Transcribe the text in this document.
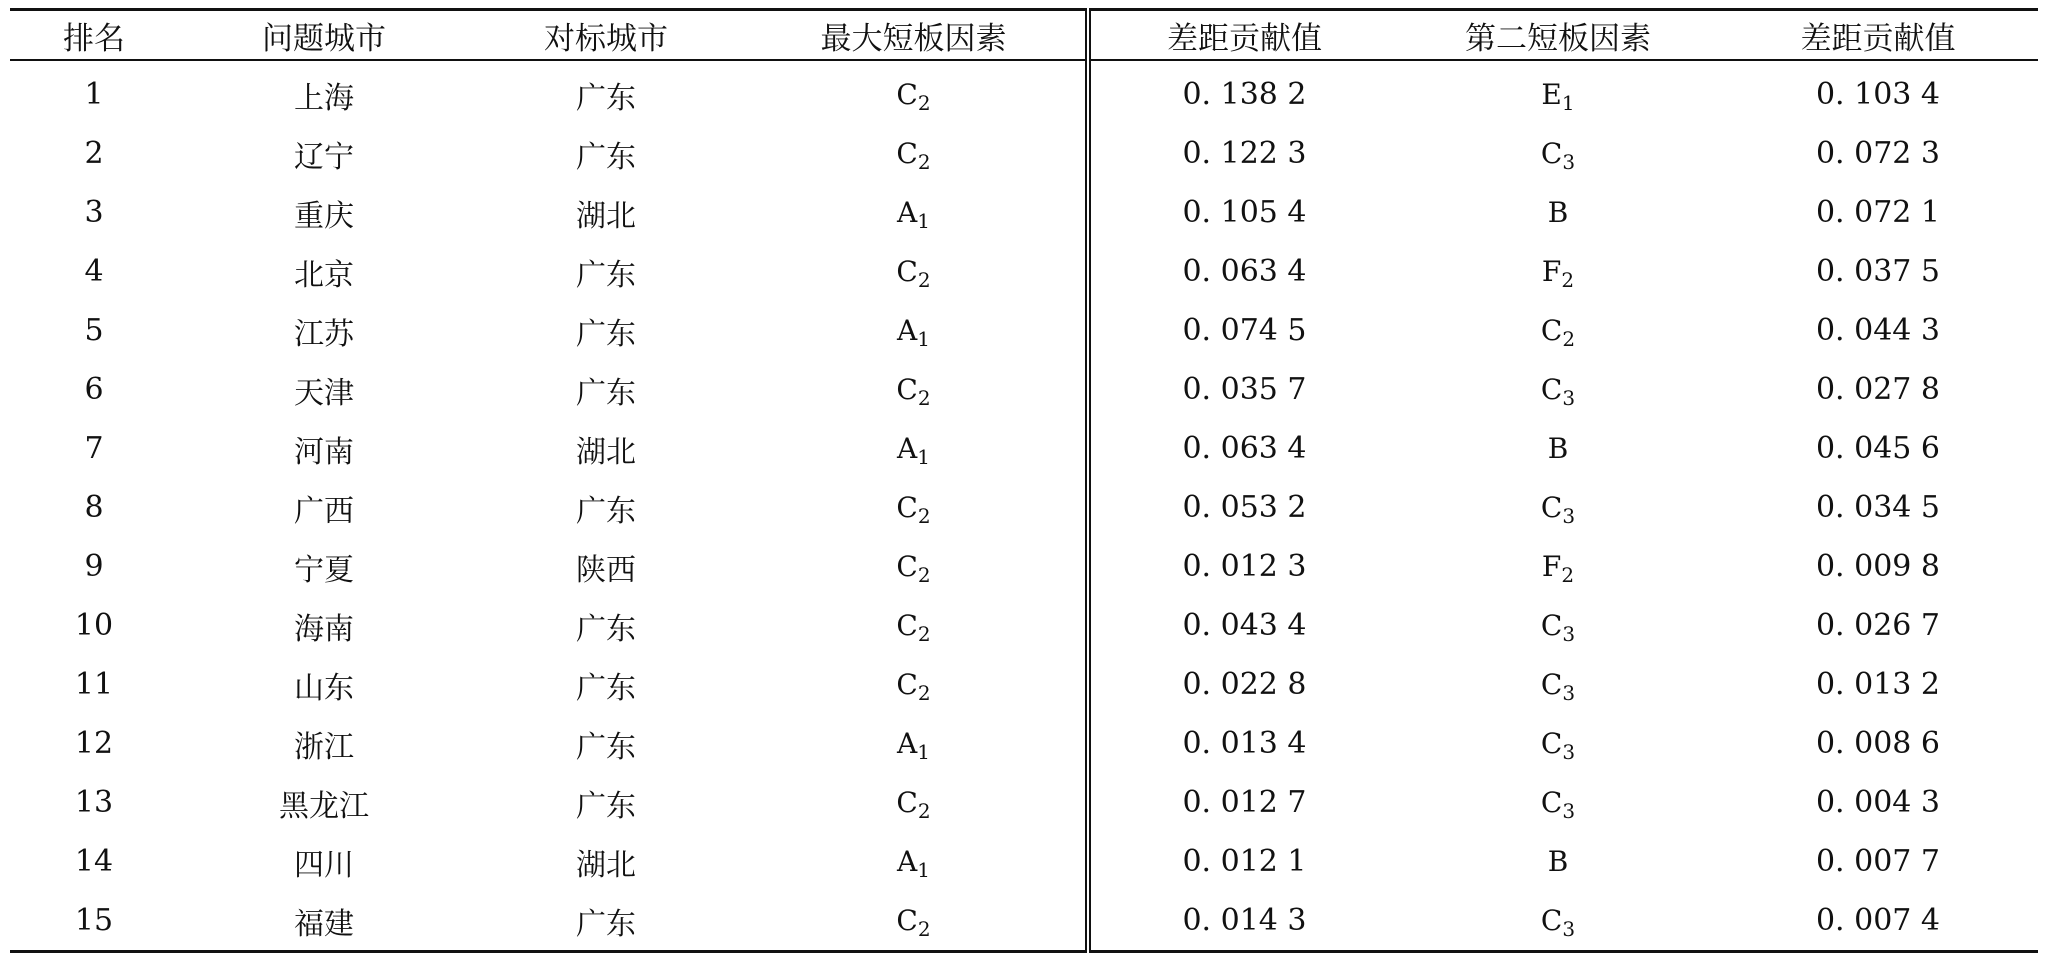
排名	问题城市	对标城市	最大短板因素	差距贡献值	第二短板因素	差距贡献值
1	上海	广东	$C_2$	0. 138 2	$E_1$	0. 103 4
2	辽宁	广东	$C_2$	0. 122 3	$C_3$	0. 072 3
3	重庆	湖北	$A_1$	0. 105 4	B	0. 072 1
4	北京	广东	$C_2$	0. 063 4	$F_2$	0. 037 5
5	江苏	广东	$A_1$	0. 074 5	$C_2$	0. 044 3
6	天津	广东	$C_2$	0. 035 7	$C_3$	0. 027 8
7	河南	湖北	$A_1$	0. 063 4	B	0. 045 6
8	广西	广东	$C_2$	0. 053 2	$C_3$	0. 034 5
9	宁夏	陕西	$C_2$	0. 012 3	$F_2$	0. 009 8
10	海南	广东	$C_2$	0. 043 4	$C_3$	0. 026 7
11	山东	广东	$C_2$	0. 022 8	$C_3$	0. 013 2
12	浙江	广东	$A_1$	0. 013 4	$C_3$	0. 008 6
13	黑龙江	广东	$C_2$	0. 012 7	$C_3$	0. 004 3
14	四川	湖北	$A_1$	0. 012 1	B	0. 007 7
15	福建	广东	$C_2$	0. 014 3	$C_3$	0. 007 4
